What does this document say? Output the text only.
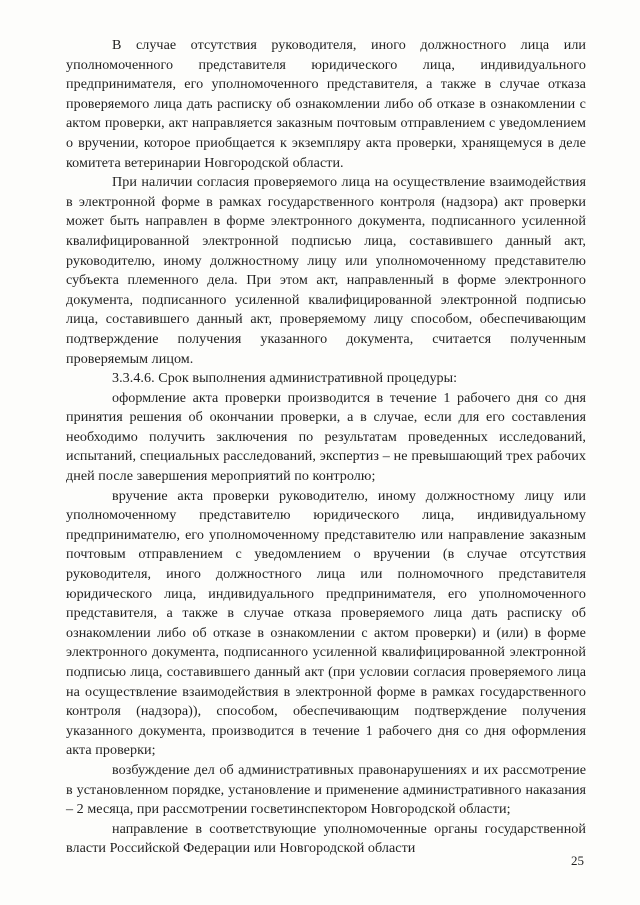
В случае отсутствия руководителя, иного должностного лица или уполномоченного представителя юридического лица, индивидуального предпринимателя, его уполномоченного представителя, а также в случае отказа проверяемого лица дать расписку об ознакомлении либо об отказе в ознакомлении с актом проверки, акт направляется заказным почтовым отправлением с уведомлением о вручении, которое приобщается к экземпляру акта проверки, хранящемуся в деле комитета ветеринарии Новгородской области.

При наличии согласия проверяемого лица на осуществление взаимодействия в электронной форме в рамках государственного контроля (надзора) акт проверки может быть направлен в форме электронного документа, подписанного усиленной квалифицированной электронной подписью лица, составившего данный акт, руководителю, иному должностному лицу или уполномоченному представителю субъекта племенного дела. При этом акт, направленный в форме электронного документа, подписанного усиленной квалифицированной электронной подписью лица, составившего данный акт, проверяемому лицу способом, обеспечивающим подтверждение получения указанного документа, считается полученным проверяемым лицом.

3.3.4.6. Срок выполнения административной процедуры:

оформление акта проверки производится в течение 1 рабочего дня со дня принятия решения об окончании проверки, а в случае, если для его составления необходимо получить заключения по результатам проведенных исследований, испытаний, специальных расследований, экспертиз – не превышающий трех рабочих дней после завершения мероприятий по контролю;

вручение акта проверки руководителю, иному должностному лицу или уполномоченному представителю юридического лица, индивидуальному предпринимателю, его уполномоченному представителю или направление заказным почтовым отправлением с уведомлением о вручении (в случае отсутствия руководителя, иного должностного лица или полномочного представителя юридического лица, индивидуального предпринимателя, его уполномоченного представителя, а также в случае отказа проверяемого лица дать расписку об ознакомлении либо об отказе в ознакомлении с актом проверки) и (или) в форме электронного документа, подписанного усиленной квалифицированной электронной подписью лица, составившего данный акт (при условии согласия проверяемого лица на осуществление взаимодействия в электронной форме в рамках государственного контроля (надзора)), способом, обеспечивающим подтверждение получения указанного документа, производится в течение 1 рабочего дня со дня оформления акта проверки;

возбуждение дел об административных правонарушениях и их рассмотрение в установленном порядке, установление и применение административного наказания – 2 месяца, при рассмотрении госветинспектором Новгородской области;

направление в соответствующие уполномоченные органы государственной власти Российской Федерации или Новгородской области

25
